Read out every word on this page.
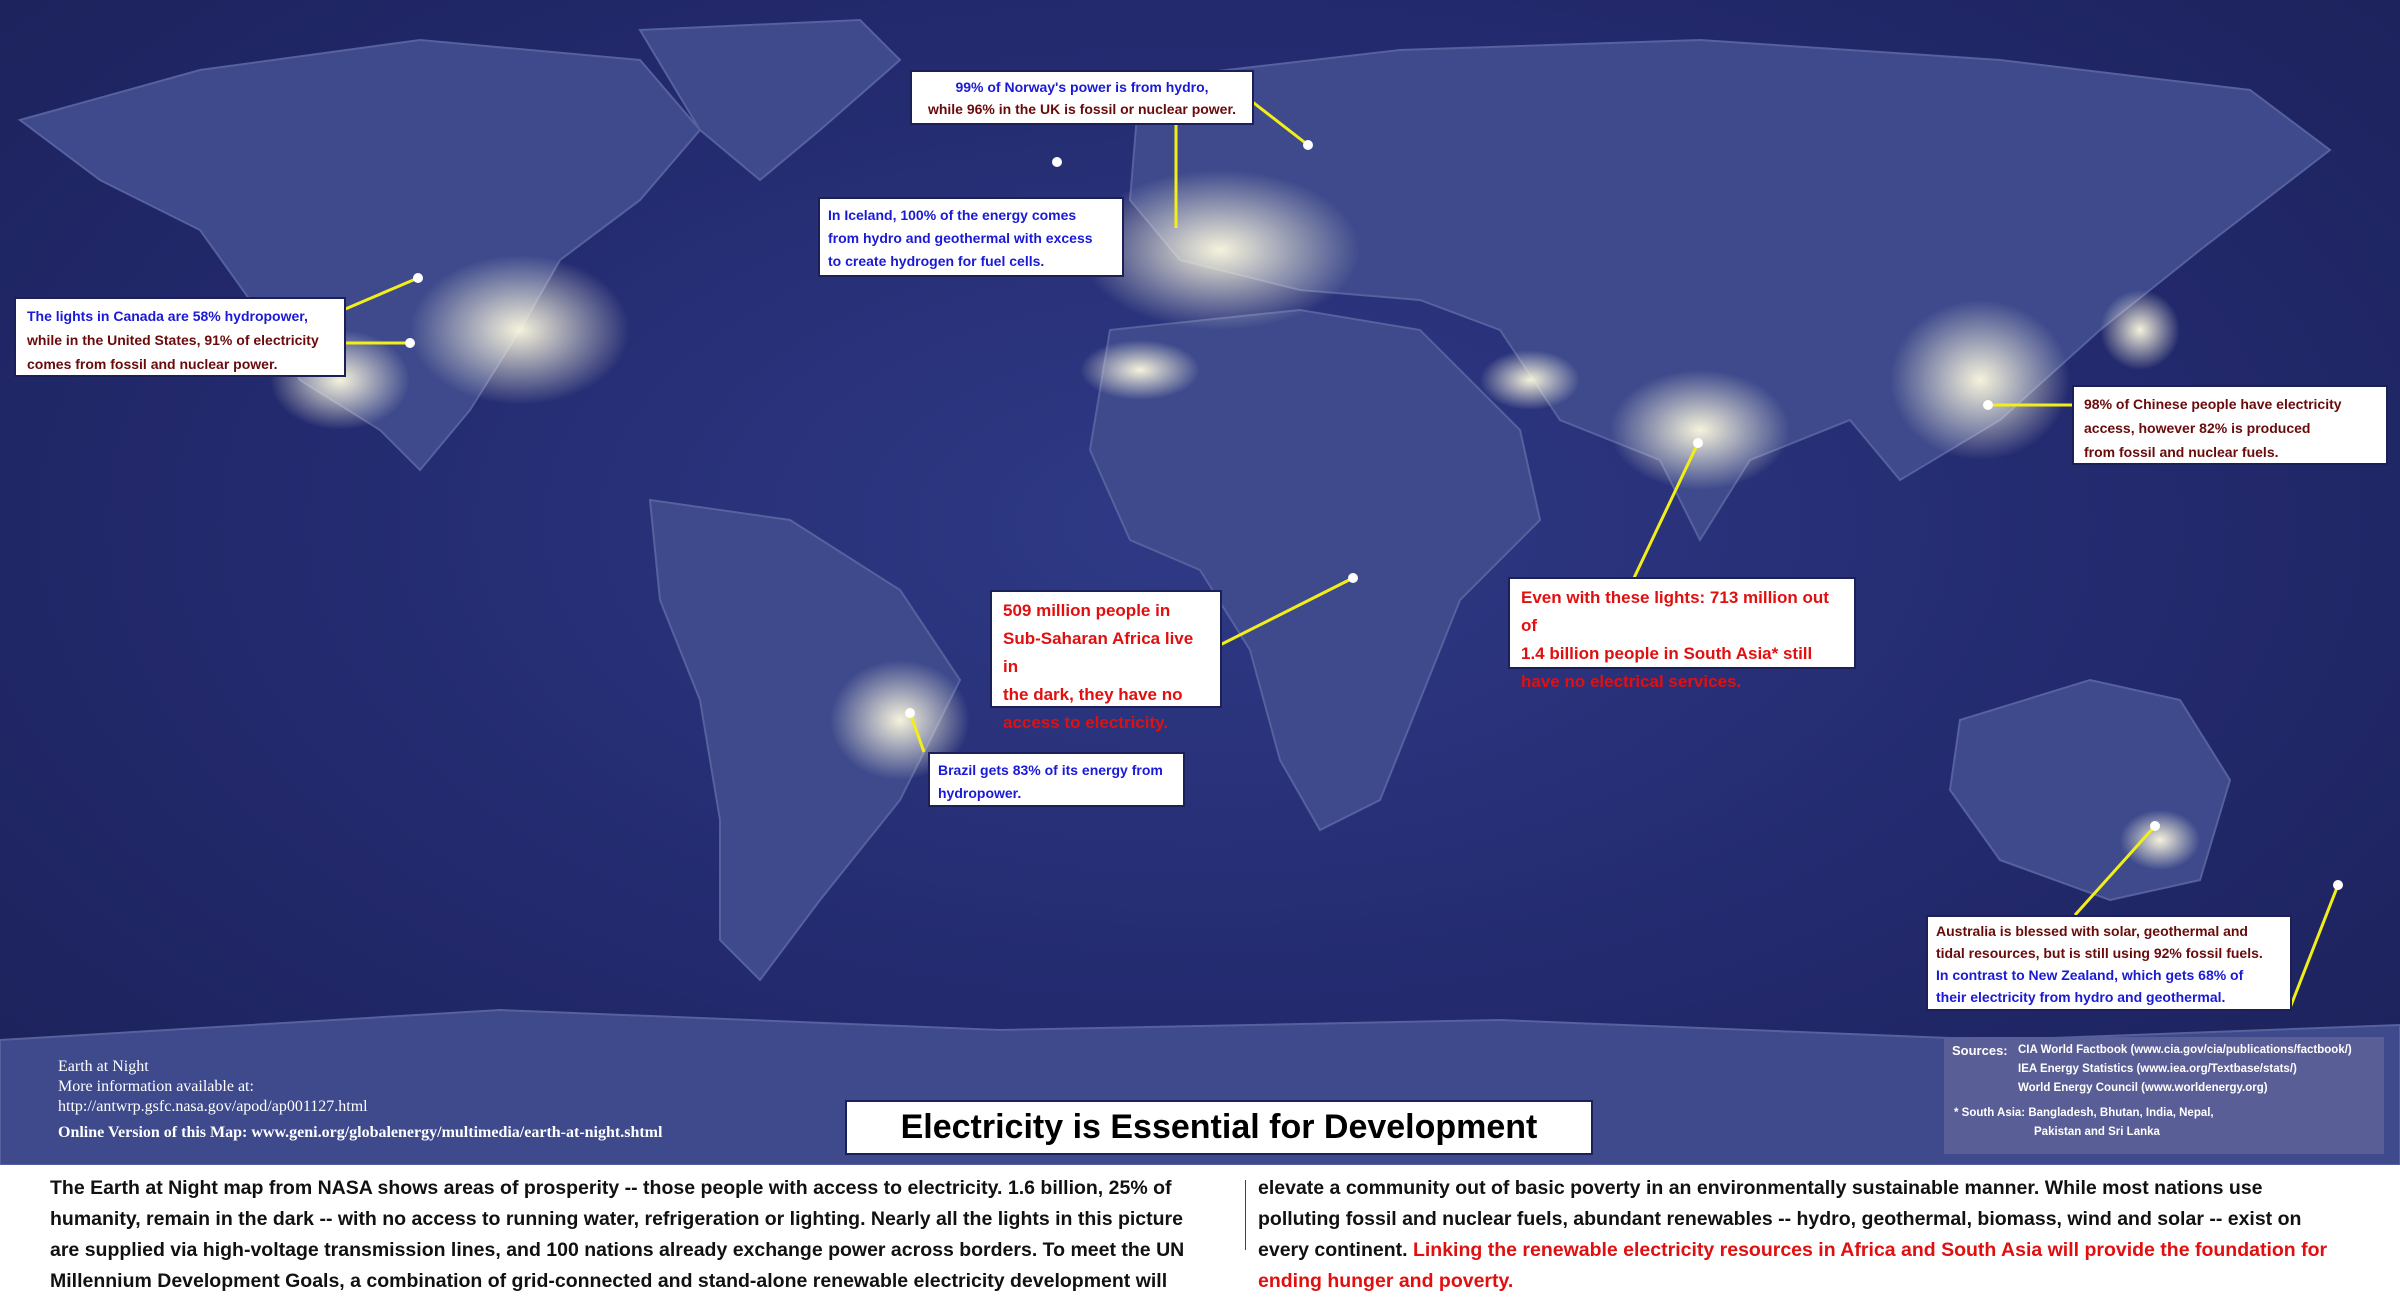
99% of Norway's power is from hydro,
while 96% in the UK is fossil or nuclear power.
In Iceland, 100% of the energy comes
from hydro and geothermal with excess
to create hydrogen for fuel cells.
The lights in Canada are 58% hydropower,
while in the United States, 91% of electricity
comes from fossil and nuclear power.
98% of Chinese people have electricity
access, however 82% is produced
from fossil and nuclear fuels.
509 million people in
Sub-Saharan Africa live in
the dark, they have no
access to electricity.
Even with these lights: 713 million out of
1.4 billion people in South Asia* still
have no electrical services.
Brazil gets 83% of its energy from
hydropower.
Australia is blessed with solar, geothermal and
tidal resources, but is still using 92% fossil fuels.
In contrast to New Zealand, which gets 68% of
their electricity from hydro and geothermal.
Earth at Night
More information available at:
http://antwrp.gsfc.nasa.gov/apod/ap001127.html
Online Version of this Map: www.geni.org/globalenergy/multimedia/earth-at-night.shtml	Electricity is Essential for Development
Sources: CIA World Factbook (www.cia.gov/cia/publications/factbook/)
IEA Energy Statistics (www.iea.org/Textbase/stats/)
World Energy Council (www.worldenergy.org)
* South Asia: Bangladesh, Bhutan, India, Nepal,
Pakistan and Sri Lanka
The Earth at Night map from NASA shows areas of prosperity -- those people with access to electricity. 1.6 billion, 25% of
humanity, remain in the dark -- with no access to running water, refrigeration or lighting. Nearly all the lights in this picture
are supplied via high-voltage transmission lines, and 100 nations already exchange power across borders. To meet the UN
Millennium Development Goals, a combination of grid-connected and stand-alone renewable electricity development will
elevate a community out of basic poverty in an environmentally sustainable manner. While most nations use
polluting fossil and nuclear fuels, abundant renewables -- hydro, geothermal, biomass, wind and solar -- exist on
every continent. Linking the renewable electricity resources in Africa and South Asia will provide the foundation for
ending hunger and poverty.
